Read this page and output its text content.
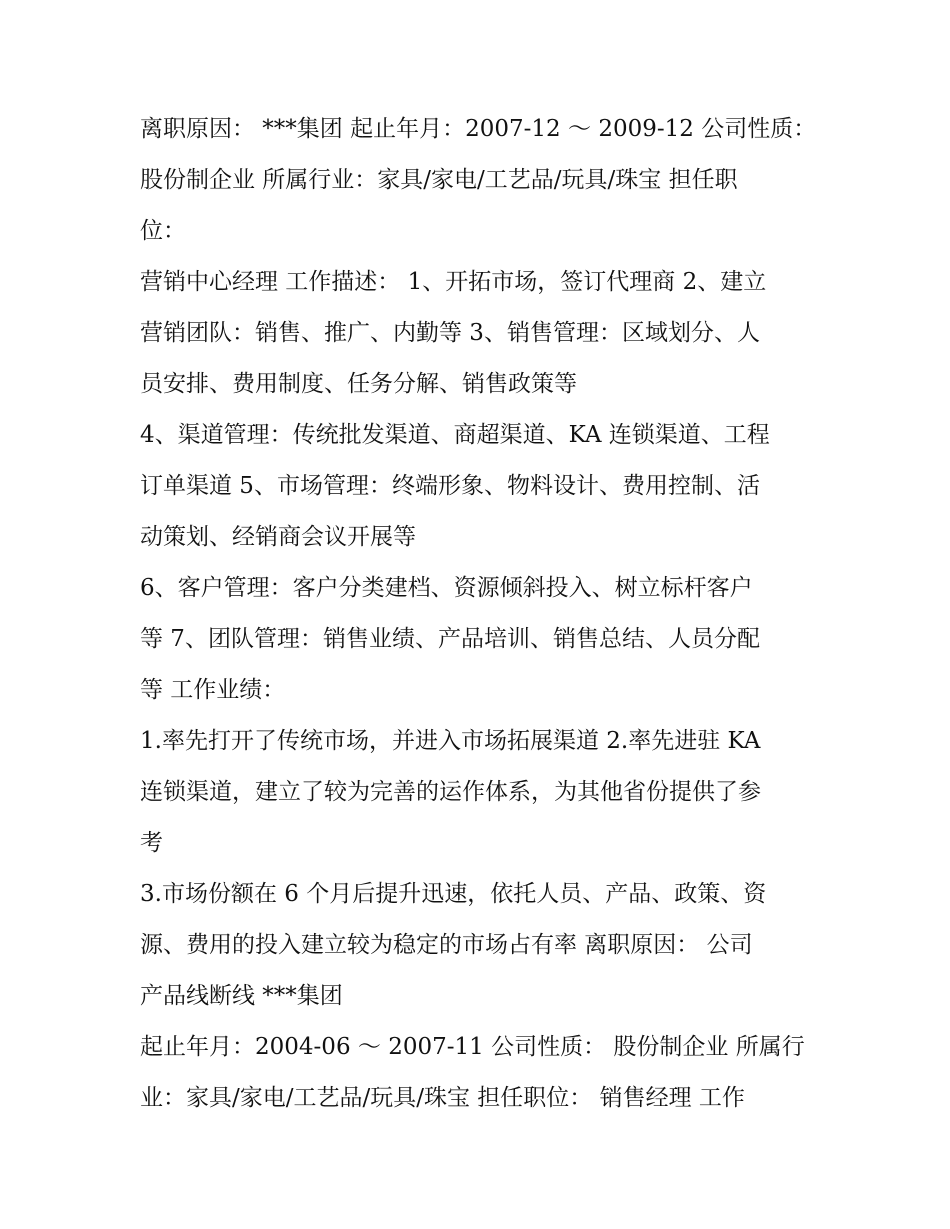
离职原因： ***集团 起止年月：2007-12 ～ 2009-12 公司性质：
股份制企业 所属行业：家具/家电/工艺品/玩具/珠宝 担任职
位：
营销中心经理 工作描述： 1、开拓市场，签订代理商 2、建立
营销团队：销售、推广、内勤等 3、销售管理：区域划分、人
员安排、费用制度、任务分解、销售政策等
4、渠道管理：传统批发渠道、商超渠道、KA 连锁渠道、工程
订单渠道 5、市场管理：终端形象、物料设计、费用控制、活
动策划、经销商会议开展等
6、客户管理：客户分类建档、资源倾斜投入、树立标杆客户
等 7、团队管理：销售业绩、产品培训、销售总结、人员分配
等 工作业绩：
1.率先打开了传统市场，并进入市场拓展渠道 2.率先进驻 KA
连锁渠道，建立了较为完善的运作体系，为其他省份提供了参
考
3.市场份额在 6 个月后提升迅速，依托人员、产品、政策、资
源、费用的投入建立较为稳定的市场占有率 离职原因： 公司
产品线断线 ***集团
起止年月：2004-06 ～ 2007-11 公司性质： 股份制企业 所属行
业：家具/家电/工艺品/玩具/珠宝 担任职位： 销售经理 工作
